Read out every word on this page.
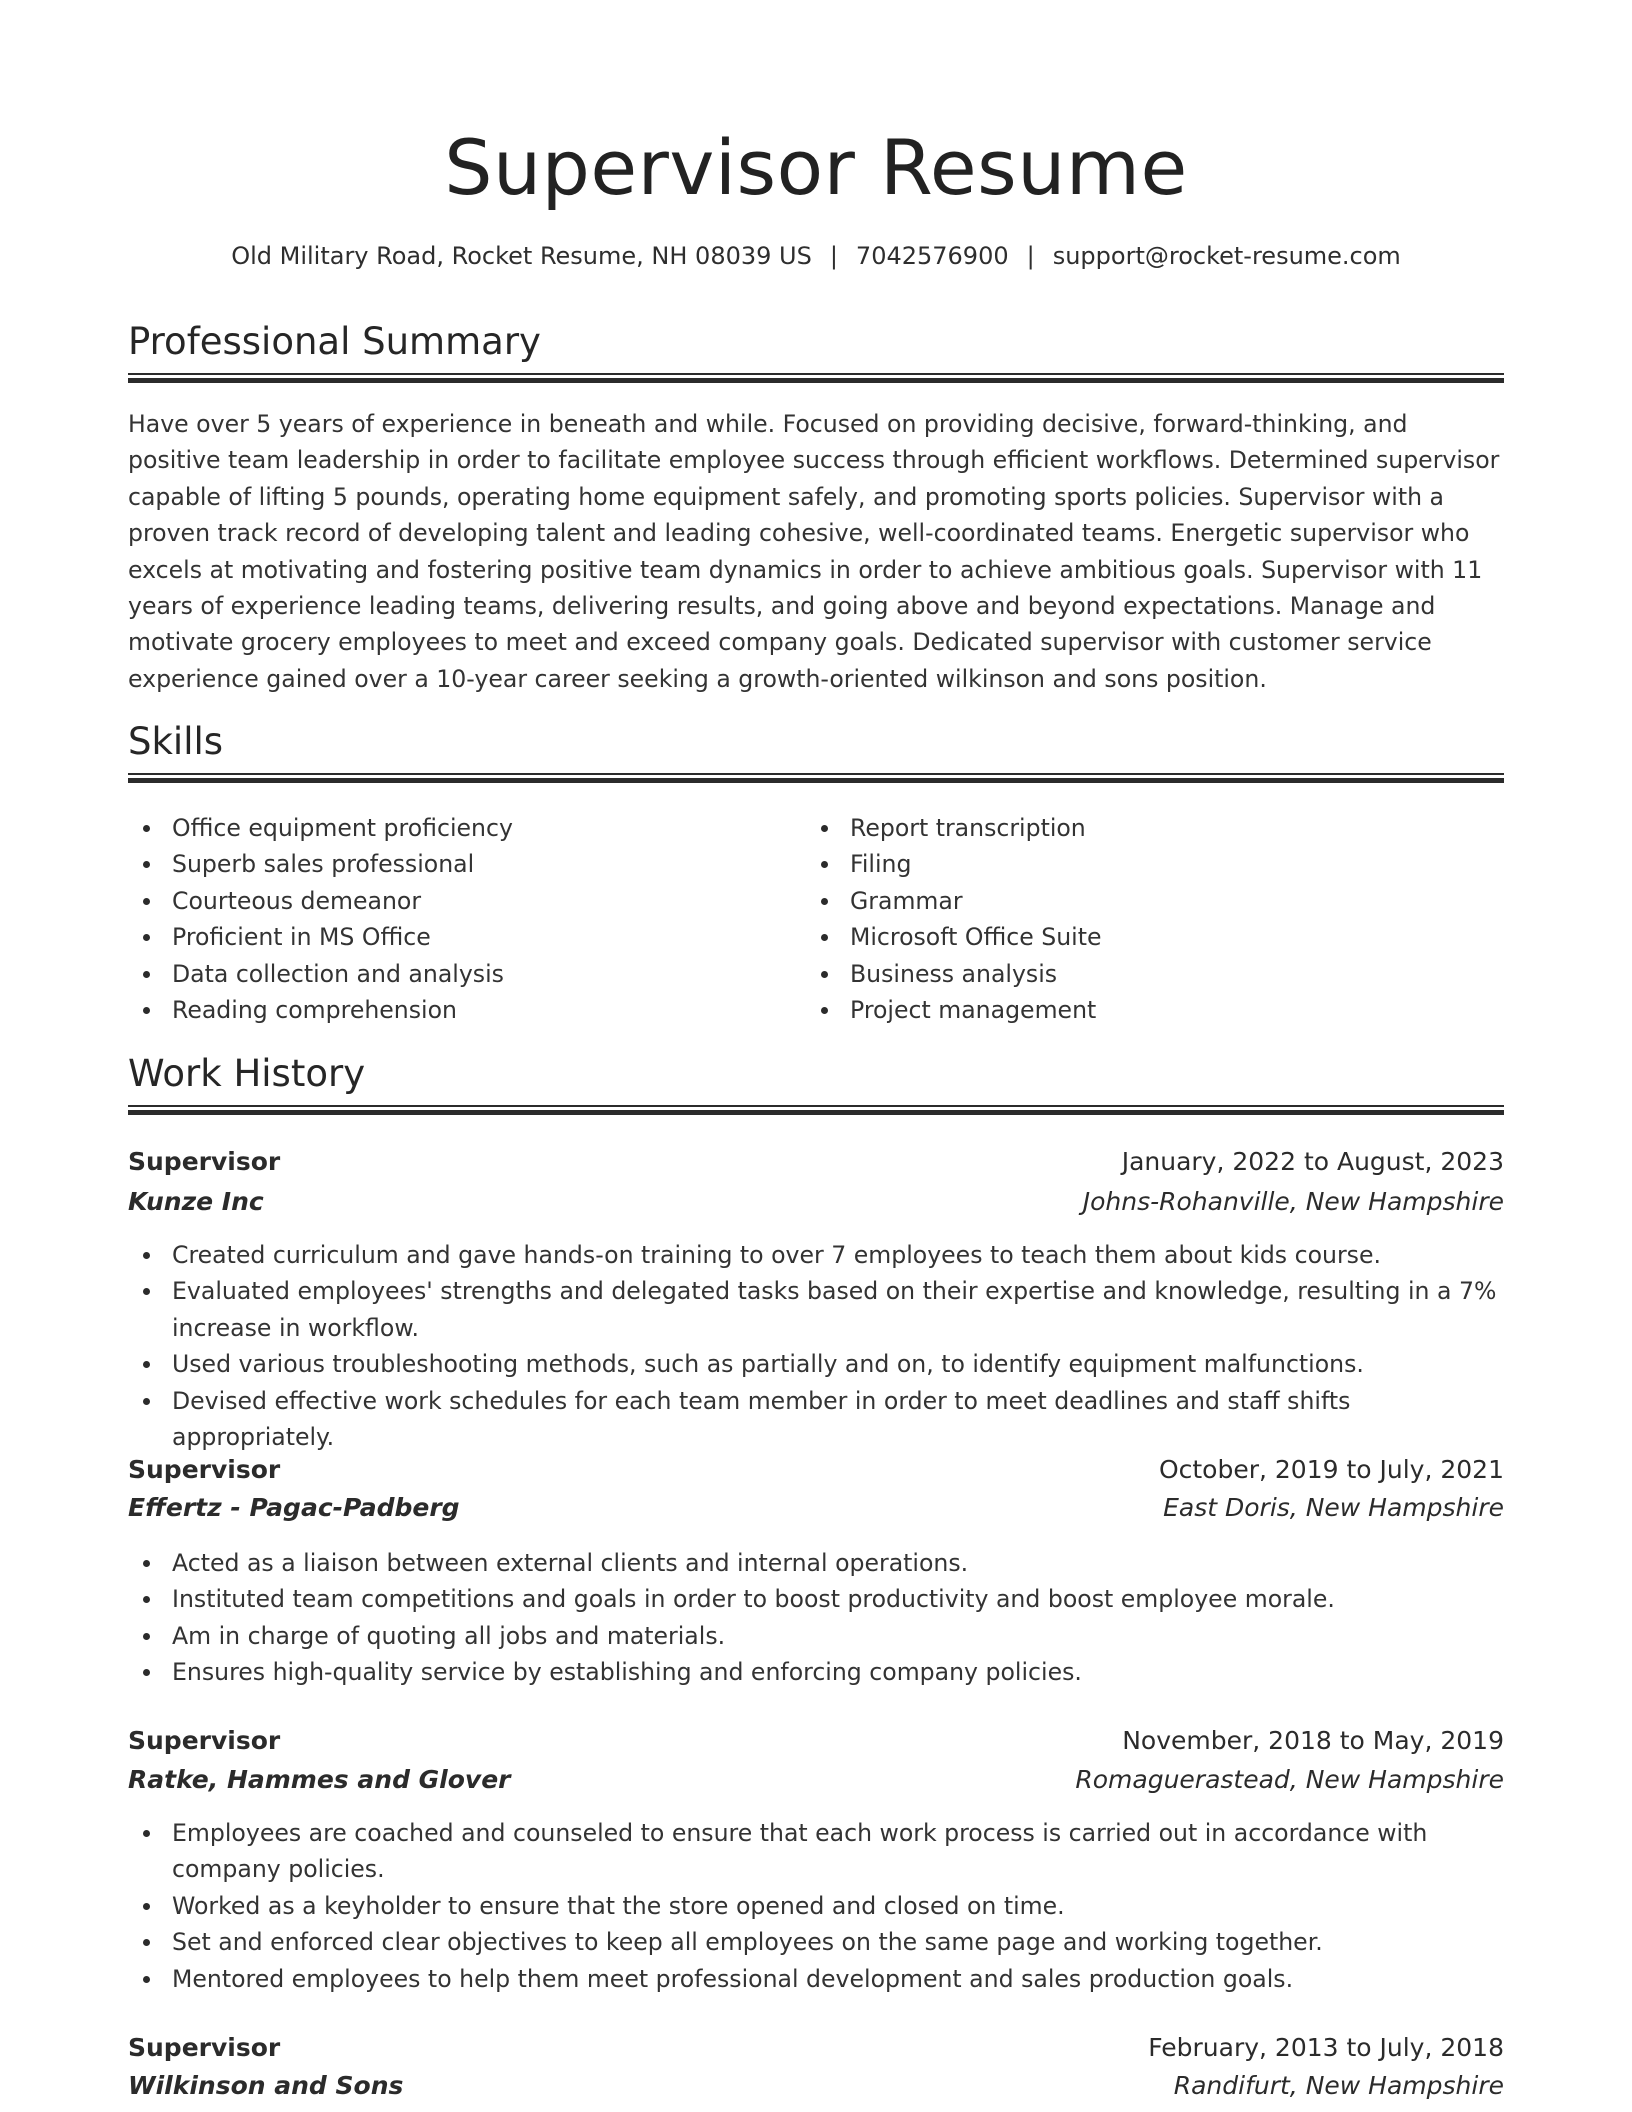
Supervisor Resume
Old Military Road, Rocket Resume, NH 08039 US | 7042576900 | support@rocket-resume.com
Professional Summary

Have over 5 years of experience in beneath and while. Focused on providing decisive, forward-thinking, and positive team leadership in order to facilitate employee success through efficient workflows. Determined supervisor capable of lifting 5 pounds, operating home equipment safely, and promoting sports policies. Supervisor with a proven track record of developing talent and leading cohesive, well-coordinated teams. Energetic supervisor who excels at motivating and fostering positive team dynamics in order to achieve ambitious goals. Supervisor with 11 years of experience leading teams, delivering results, and going above and beyond expectations. Manage and motivate grocery employees to meet and exceed company goals. Dedicated supervisor with customer service experience gained over a 10-year career seeking a growth-oriented wilkinson and sons position.

Skills
Office equipment proficiency
Superb sales professional
Courteous demeanor
Proficient in MS Office
Data collection and analysis
Reading comprehension
Report transcription
Filing
Grammar
Microsoft Office Suite
Business analysis
Project management
Work History
Supervisor	January, 2022 to August, 2023
Kunze Inc	Johns-Rohanville, New Hampshire
Created curriculum and gave hands-on training to over 7 employees to teach them about kids course.
Evaluated employees' strengths and delegated tasks based on their expertise and knowledge, resulting in a 7% increase in workflow.
Used various troubleshooting methods, such as partially and on, to identify equipment malfunctions.
Devised effective work schedules for each team member in order to meet deadlines and staff shifts appropriately.
Supervisor	October, 2019 to July, 2021
Effertz - Pagac-Padberg	East Doris, New Hampshire
Acted as a liaison between external clients and internal operations.
Instituted team competitions and goals in order to boost productivity and boost employee morale.
Am in charge of quoting all jobs and materials.
Ensures high-quality service by establishing and enforcing company policies.
Supervisor	November, 2018 to May, 2019
Ratke, Hammes and Glover	Romaguerastead, New Hampshire
Employees are coached and counseled to ensure that each work process is carried out in accordance with company policies.
Worked as a keyholder to ensure that the store opened and closed on time.
Set and enforced clear objectives to keep all employees on the same page and working together.
Mentored employees to help them meet professional development and sales production goals.
Supervisor	February, 2013 to July, 2018
Wilkinson and Sons	Randifurt, New Hampshire
